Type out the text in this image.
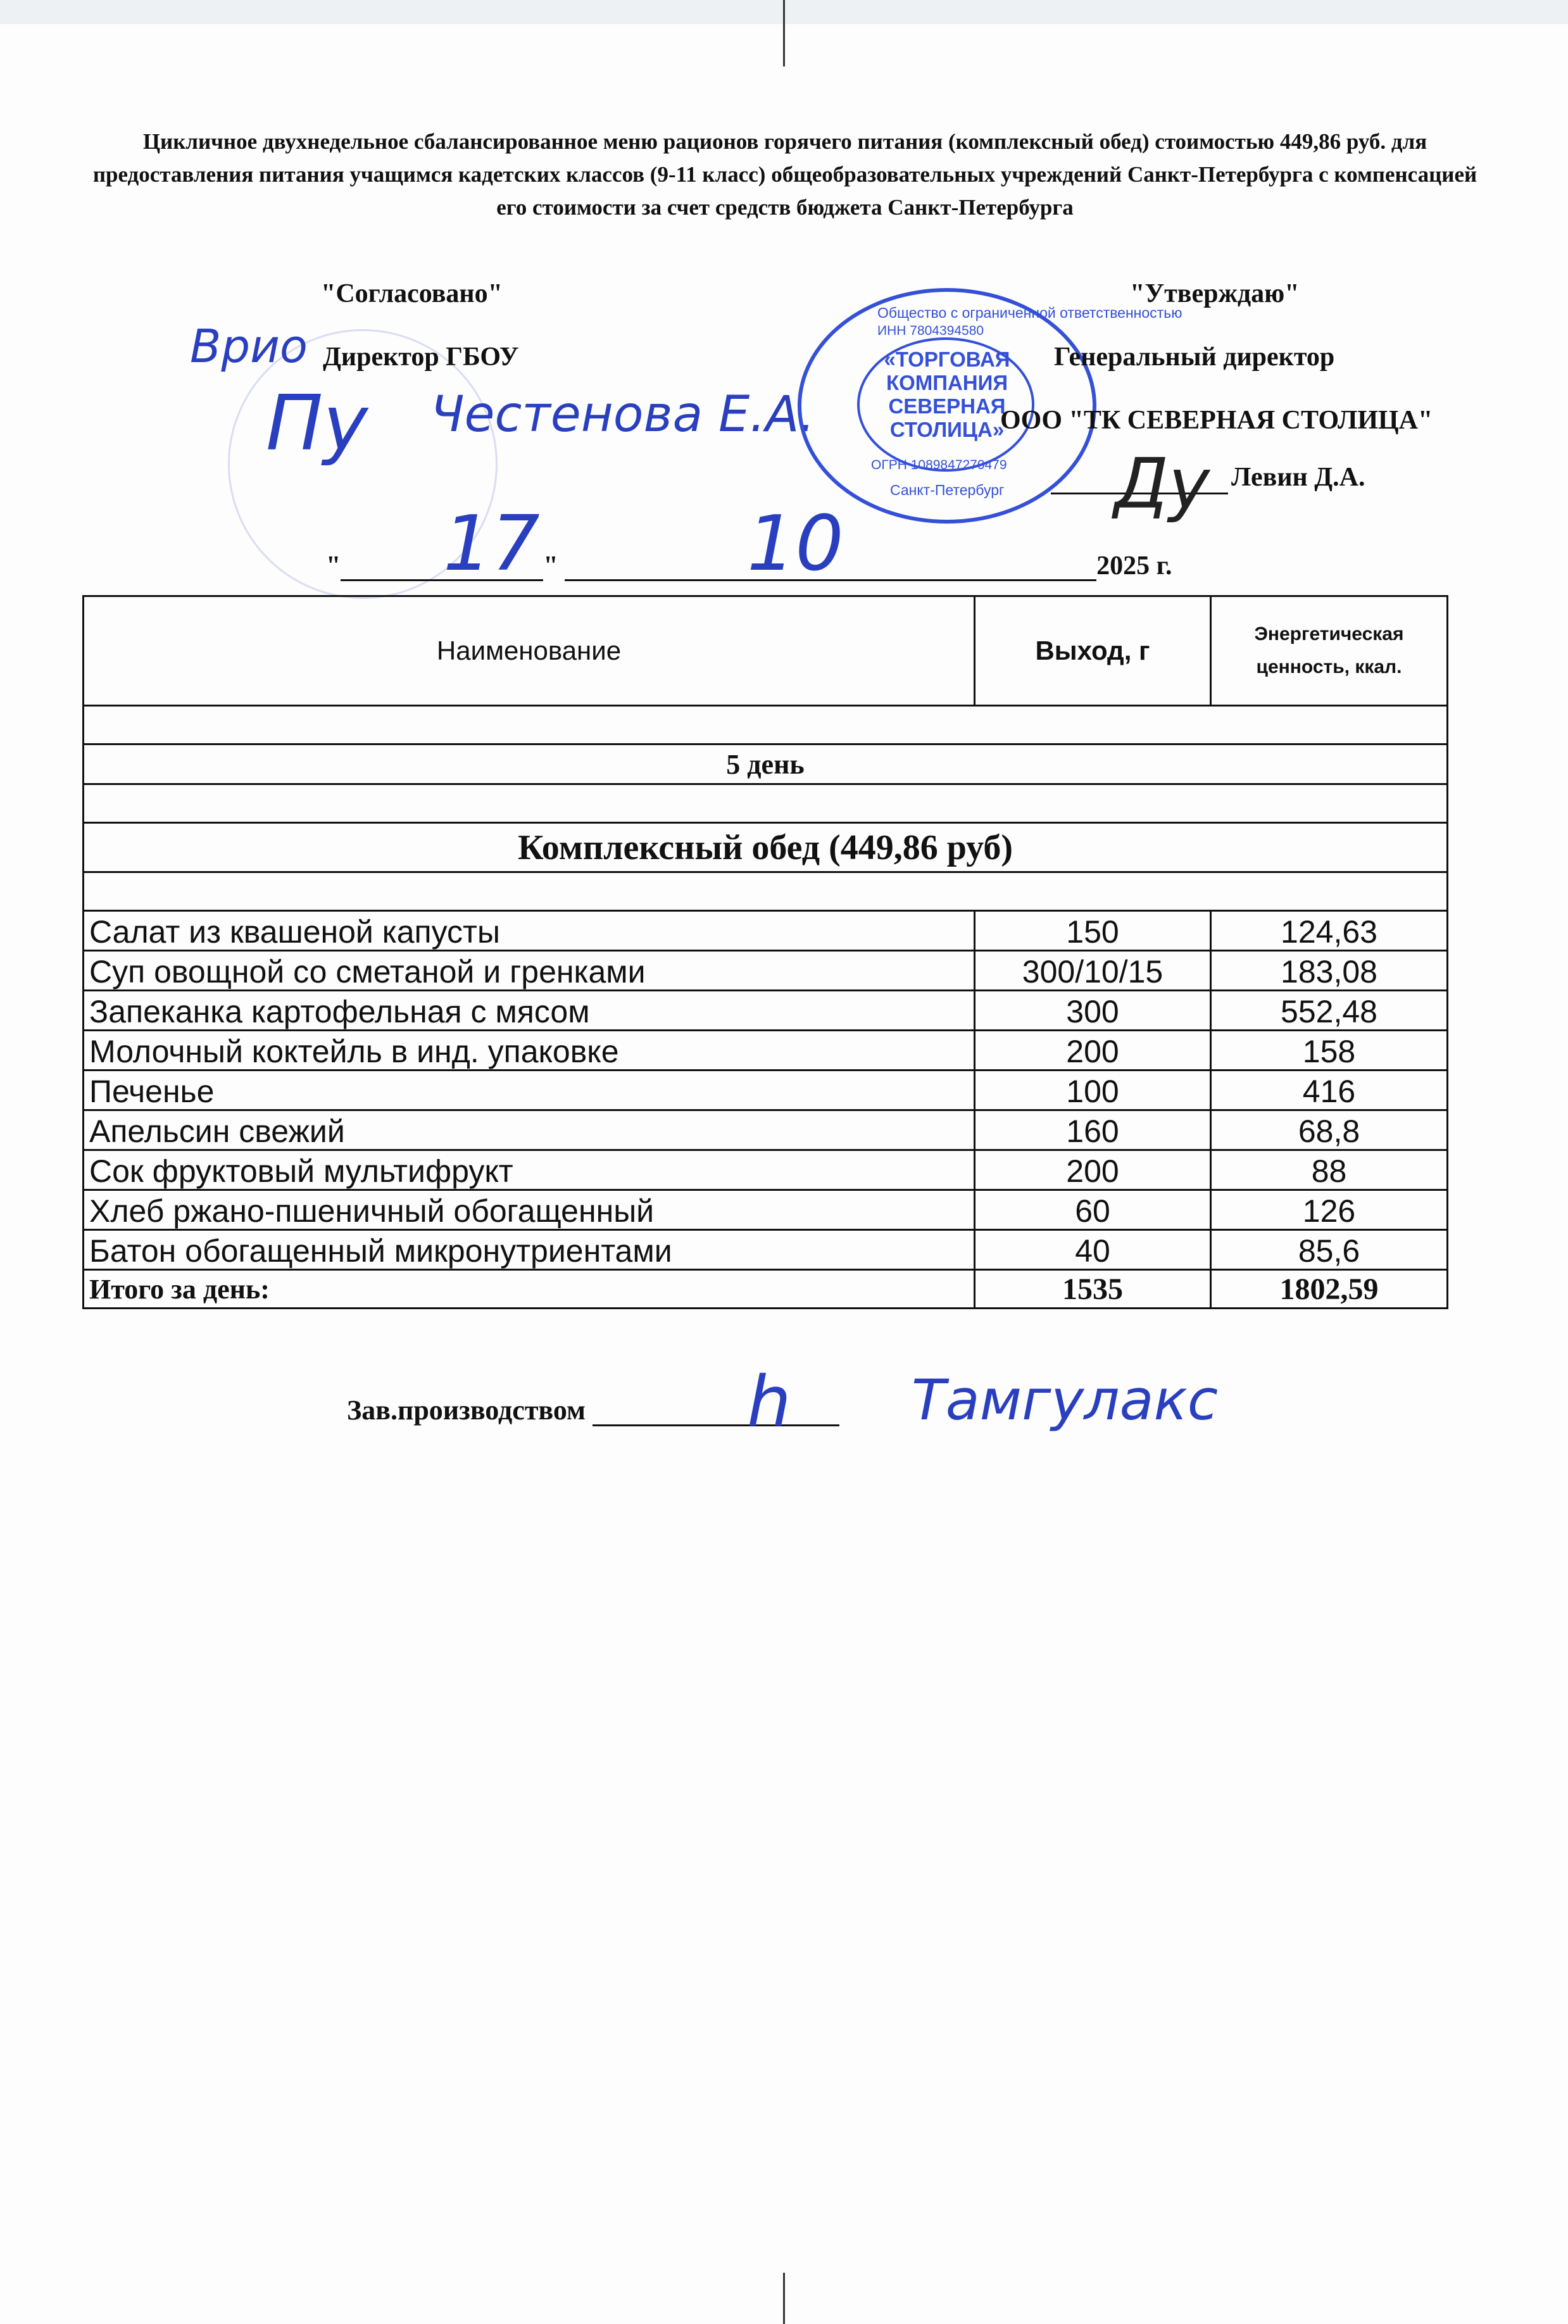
Цикличное двухнедельное сбалансированное меню рационов горячего питания (комплексный обед) стоимостью 449,86 руб. для предоставления питания учащимся кадетских классов (9-11 класс) общеобразовательных учреждений Санкт-Петербурга с компенсацией его стоимости за счет средств бюджета Санкт-Петербурга
"Согласовано"
Директор ГБОУ
Врио
Пу Честенова Е.А.
"	"	2025 г.
17	10
Общество с ограниченной ответственностью
ИНН 7804394580
«ТОРГОВАЯ
КОМПАНИЯ
СЕВЕРНАЯ
СТОЛИЦА»
ОГРН 1089847270479
Санкт-Петербург
"Утверждаю"
Генеральный директор
ООО "ТК СЕВЕРНАЯ СТОЛИЦА"
Левин Д.А.
Ду
Наименование	Выход, г	Энергетическая ценность, ккал.

5 день		

Комплексный обед (449,86 руб)		

Салат из квашеной капусты	150	124,63
Суп овощной со сметаной и гренками	300/10/15	183,08
Запеканка картофельная с мясом	300	552,48
Молочный коктейль в инд. упаковке	200	158
Печенье	100	416
Апельсин свежий	160	68,8
Сок фруктовый мультифрукт	200	88
Хлеб ржано-пшеничный обогащенный	60	126
Батон обогащенный микронутриентами	40	85,6
Итого за день:	1535	1802,59
Зав.производством	h Тамгулакс
